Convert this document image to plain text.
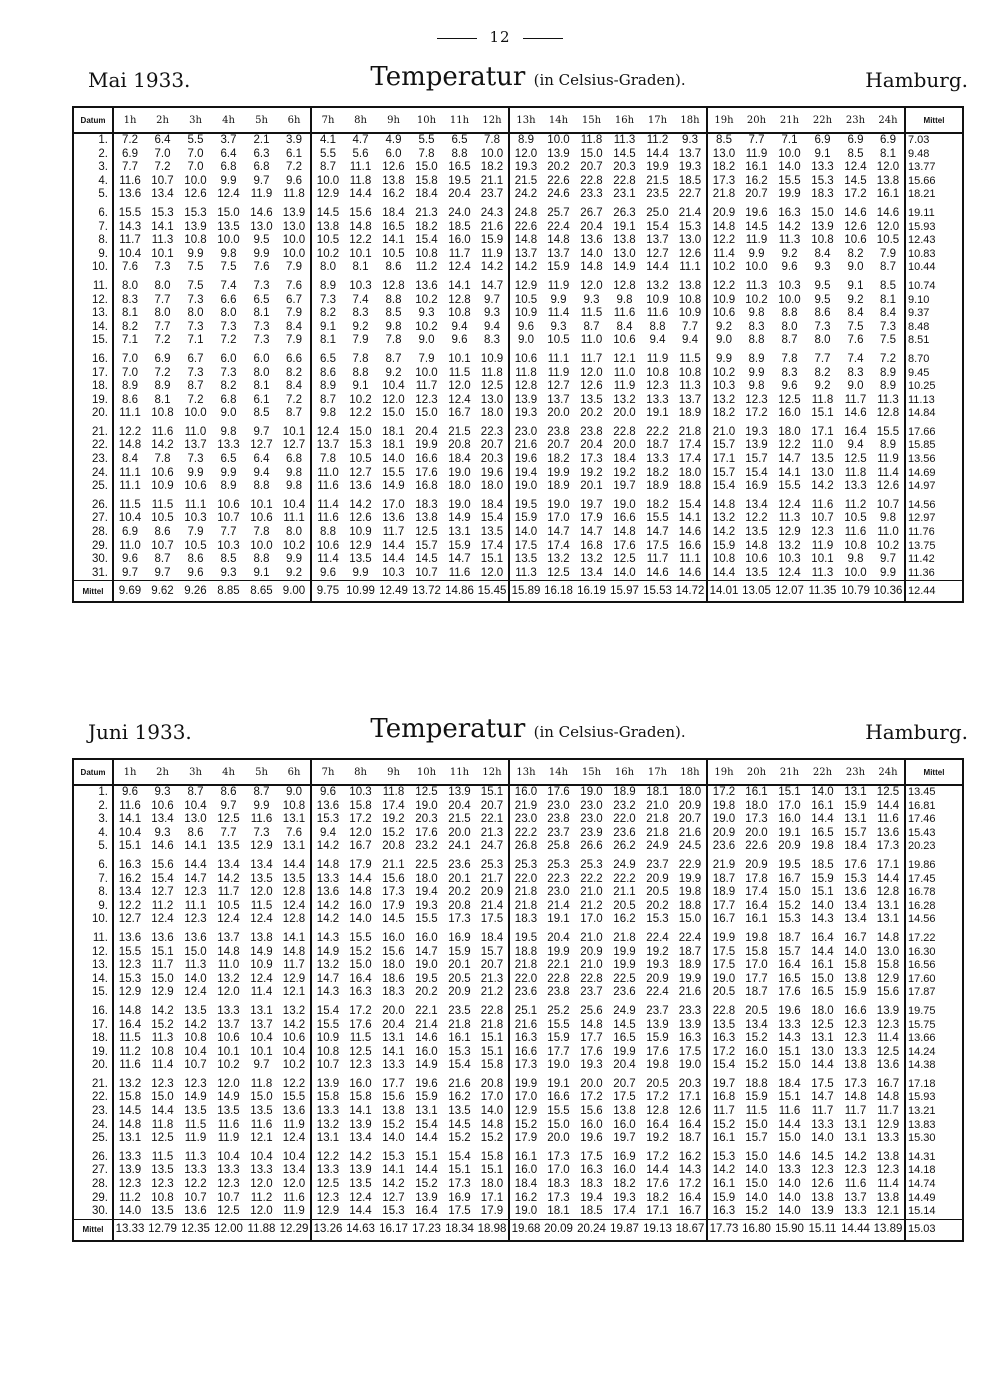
12
Mai 1933.	Temperatur (in Celsius-Graden).	Hamburg.
Datum	1h	2h	3h	4h	5h	6h	7h	8h	9h	10h	11h	12h	13h	14h	15h	16h	17h	18h	19h	20h	21h	22h	23h	24h	Mittel
1.	7.2	6.4	5.5	3.7	2.1	3.9	4.1	4.7	4.9	5.5	6.5	7.8	8.9	10.0	11.8	11.3	11.2	9.3	8.5	7.7	7.1	6.9	6.9	6.9	7.03
2.	6.9	7.0	7.0	6.4	6.3	6.1	5.5	5.6	6.0	7.8	8.8	10.0	12.0	13.9	15.0	14.5	14.4	13.7	13.0	11.9	10.0	9.1	8.5	8.1	9.48
3.	7.7	7.2	7.0	6.8	6.8	7.2	8.7	11.1	12.6	15.0	16.5	18.2	19.3	20.2	20.7	20.3	19.9	19.3	18.2	16.1	14.0	13.3	12.4	12.0	13.77
4.	11.6	10.7	10.0	9.9	9.7	9.6	10.0	11.8	13.8	15.8	19.5	21.1	21.5	22.6	22.8	22.8	21.5	18.5	17.3	16.2	15.5	15.3	14.5	13.8	15.66
5.	13.6	13.4	12.6	12.4	11.9	11.8	12.9	14.4	16.2	18.4	20.4	23.7	24.2	24.6	23.3	23.1	23.5	22.7	21.8	20.7	19.9	18.3	17.2	16.1	18.21
6.	15.5	15.3	15.3	15.0	14.6	13.9	14.5	15.6	18.4	21.3	24.0	24.3	24.8	25.7	26.7	26.3	25.0	21.4	20.9	19.6	16.3	15.0	14.6	14.6	19.11
7.	14.3	14.1	13.9	13.5	13.0	13.0	13.8	14.8	16.5	18.2	18.5	21.6	22.6	22.4	20.4	19.1	15.4	15.3	14.8	14.5	14.2	13.9	12.6	12.0	15.93
8.	11.7	11.3	10.8	10.0	9.5	10.0	10.5	12.2	14.1	15.4	16.0	15.9	14.8	14.8	13.6	13.8	13.7	13.0	12.2	11.9	11.3	10.8	10.6	10.5	12.43
9.	10.4	10.1	9.9	9.8	9.9	10.0	10.2	10.1	10.5	10.8	11.7	11.9	13.7	13.7	14.0	13.0	12.7	12.6	11.4	9.9	9.2	8.4	8.2	7.9	10.83
10.	7.6	7.3	7.5	7.5	7.6	7.9	8.0	8.1	8.6	11.2	12.4	14.2	14.2	15.9	14.8	14.9	14.4	11.1	10.2	10.0	9.6	9.3	9.0	8.7	10.44
11.	8.0	8.0	7.5	7.4	7.3	7.6	8.9	10.3	12.8	13.6	14.1	14.7	12.9	11.9	12.0	12.8	13.2	13.8	12.2	11.3	10.3	9.5	9.1	8.5	10.74
12.	8.3	7.7	7.3	6.6	6.5	6.7	7.3	7.4	8.8	10.2	12.8	9.7	10.5	9.9	9.3	9.8	10.9	10.8	10.9	10.2	10.0	9.5	9.2	8.1	9.10
13.	8.1	8.0	8.0	8.0	8.1	7.9	8.2	8.3	8.5	9.3	10.8	9.3	10.9	11.4	11.5	11.6	11.6	10.9	10.6	9.8	8.8	8.6	8.4	8.4	9.37
14.	8.2	7.7	7.3	7.3	7.3	8.4	9.1	9.2	9.8	10.2	9.4	9.4	9.6	9.3	8.7	8.4	8.8	7.7	9.2	8.3	8.0	7.3	7.5	7.3	8.48
15.	7.1	7.2	7.1	7.2	7.3	7.9	8.1	7.9	7.8	9.0	9.6	8.3	9.0	10.5	11.0	10.6	9.4	9.4	9.0	8.8	8.7	8.0	7.6	7.5	8.51
16.	7.0	6.9	6.7	6.0	6.0	6.6	6.5	7.8	8.7	7.9	10.1	10.9	10.6	11.1	11.7	12.1	11.9	11.5	9.9	8.9	7.8	7.7	7.4	7.2	8.70
17.	7.0	7.2	7.3	7.3	8.0	8.2	8.6	8.8	9.2	10.0	11.5	11.8	11.8	11.9	12.0	11.0	10.8	10.8	10.2	9.9	8.3	8.2	8.3	8.9	9.45
18.	8.9	8.9	8.7	8.2	8.1	8.4	8.9	9.1	10.4	11.7	12.0	12.5	12.8	12.7	12.6	11.9	12.3	11.3	10.3	9.8	9.6	9.2	9.0	8.9	10.25
19.	8.6	8.1	7.2	6.8	6.1	7.2	8.7	10.2	12.0	12.3	12.4	13.0	13.9	13.7	13.5	13.2	13.3	13.7	13.2	12.3	12.5	11.8	11.7	11.3	11.13
20.	11.1	10.8	10.0	9.0	8.5	8.7	9.8	12.2	15.0	15.0	16.7	18.0	19.3	20.0	20.2	20.0	19.1	18.9	18.2	17.2	16.0	15.1	14.6	12.8	14.84
21.	12.2	11.6	11.0	9.8	9.7	10.1	12.4	15.0	18.1	20.4	21.5	22.3	23.0	23.8	23.8	22.8	22.2	21.8	21.0	19.3	18.0	17.1	16.4	15.5	17.66
22.	14.8	14.2	13.7	13.3	12.7	12.7	13.7	15.3	18.1	19.9	20.8	20.7	21.6	20.7	20.4	20.0	18.7	17.4	15.7	13.9	12.2	11.0	9.4	8.9	15.85
23.	8.4	7.8	7.3	6.5	6.4	6.8	7.8	10.5	14.0	16.6	18.4	20.3	19.6	18.2	17.3	18.4	13.3	17.4	17.1	15.7	14.7	13.5	12.5	11.9	13.56
24.	11.1	10.6	9.9	9.9	9.4	9.8	11.0	12.7	15.5	17.6	19.0	19.6	19.4	19.9	19.2	19.2	18.2	18.0	15.7	15.4	14.1	13.0	11.8	11.4	14.69
25.	11.1	10.9	10.6	8.9	8.8	9.8	11.6	13.6	14.9	16.8	18.0	18.0	19.0	18.9	20.1	19.7	18.9	18.8	15.4	16.9	15.5	14.2	13.3	12.6	14.97
26.	11.5	11.5	11.1	10.6	10.1	10.4	11.4	14.2	17.0	18.3	19.0	18.4	19.5	19.0	19.7	19.0	18.2	15.4	14.8	13.4	12.4	11.6	11.2	10.7	14.56
27.	10.4	10.5	10.3	10.7	10.6	11.1	11.6	12.6	13.6	13.8	14.9	15.4	15.9	17.0	17.9	16.6	15.5	14.1	13.2	12.2	11.3	10.7	10.5	9.8	12.97
28.	6.9	8.6	7.9	7.7	7.8	8.0	8.8	10.9	11.7	12.5	13.1	13.5	14.0	14.7	14.7	14.8	14.7	14.6	14.2	13.5	12.9	12.3	11.6	11.0	11.76
29.	11.0	10.7	10.5	10.3	10.0	10.2	10.6	12.9	14.4	15.7	15.9	17.4	17.5	17.4	16.8	17.6	17.5	16.6	15.9	14.8	13.2	11.9	10.8	10.2	13.75
30.	9.6	8.7	8.6	8.5	8.8	9.9	11.4	13.5	14.4	14.5	14.7	15.1	13.5	13.2	13.2	12.5	11.7	11.1	10.8	10.6	10.3	10.1	9.8	9.7	11.42
31.	9.7	9.7	9.6	9.3	9.1	9.2	9.6	9.9	10.3	10.7	11.6	12.0	11.3	12.5	13.4	14.0	14.6	14.6	14.4	13.5	12.4	11.3	10.0	9.9	11.36
Mittel	9.69	9.62	9.26	8.85	8.65	9.00	9.75	10.99	12.49	13.72	14.86	15.45	15.89	16.18	16.19	15.97	15.53	14.72	14.01	13.05	12.07	11.35	10.79	10.36	12.44
Juni 1933.	Temperatur (in Celsius-Graden).	Hamburg.
Datum	1h	2h	3h	4h	5h	6h	7h	8h	9h	10h	11h	12h	13h	14h	15h	16h	17h	18h	19h	20h	21h	22h	23h	24h	Mittel
1.	9.6	9.3	8.7	8.6	8.7	9.0	9.6	10.3	11.8	12.5	13.9	15.1	16.0	17.6	19.0	18.9	18.1	18.0	17.2	16.1	15.1	14.0	13.1	12.5	13.45
2.	11.6	10.6	10.4	9.7	9.9	10.8	13.6	15.8	17.4	19.0	20.4	20.7	21.9	23.0	23.0	23.2	21.0	20.9	19.8	18.0	17.0	16.1	15.9	14.4	16.81
3.	14.1	13.4	13.0	12.5	11.6	13.1	15.3	17.2	19.2	20.3	21.5	22.1	23.0	23.8	23.0	22.0	21.8	20.7	19.0	17.3	16.0	14.4	13.1	11.6	17.46
4.	10.4	9.3	8.6	7.7	7.3	7.6	9.4	12.0	15.2	17.6	20.0	21.3	22.2	23.7	23.9	23.6	21.8	21.6	20.9	20.0	19.1	16.5	15.7	13.6	15.43
5.	15.1	14.6	14.1	13.5	12.9	13.1	14.2	16.7	20.8	23.2	24.1	24.7	26.8	25.8	26.6	26.2	24.9	24.5	23.6	22.6	20.9	19.8	18.4	17.3	20.23
6.	16.3	15.6	14.4	13.4	13.4	14.4	14.8	17.9	21.1	22.5	23.6	25.3	25.3	25.3	25.3	24.9	23.7	22.9	21.9	20.9	19.5	18.5	17.6	17.1	19.86
7.	16.2	15.4	14.7	14.2	13.5	13.5	13.3	14.4	15.6	18.0	20.1	21.7	22.0	22.3	22.2	22.2	20.9	19.9	18.7	17.8	16.7	15.9	15.3	14.4	17.45
8.	13.4	12.7	12.3	11.7	12.0	12.8	13.6	14.8	17.3	19.4	20.2	20.9	21.8	23.0	21.0	21.1	20.5	19.8	18.9	17.4	15.0	15.1	13.6	12.8	16.78
9.	12.2	11.2	11.1	10.5	11.5	12.4	14.2	16.0	17.9	19.3	20.8	21.4	21.8	21.4	21.2	20.5	20.2	18.8	17.7	16.4	15.2	14.0	13.4	13.1	16.28
10.	12.7	12.4	12.3	12.4	12.4	12.8	14.2	14.0	14.5	15.5	17.3	17.5	18.3	19.1	17.0	16.2	15.3	15.0	16.7	16.1	15.3	14.3	13.4	13.1	14.56
11.	13.6	13.6	13.6	13.7	13.8	14.1	14.3	15.5	16.0	16.0	16.9	18.4	19.5	20.4	21.0	21.8	22.4	22.4	19.9	19.8	18.7	16.4	16.7	14.8	17.22
12.	15.5	15.1	15.0	14.8	14.9	14.8	14.9	15.2	15.6	14.7	15.9	15.7	18.8	19.9	20.9	19.9	19.2	18.7	17.5	15.8	15.7	14.4	14.0	13.0	16.30
13.	12.3	11.7	11.3	11.0	10.9	11.7	13.2	15.0	18.0	19.0	20.1	20.7	21.8	22.1	21.0	19.9	19.3	18.9	17.5	17.0	16.4	16.1	15.8	15.8	16.56
14.	15.3	15.0	14.0	13.2	12.4	12.9	14.7	16.4	18.6	19.5	20.5	21.3	22.0	22.8	22.8	22.5	20.9	19.9	19.0	17.7	16.5	15.0	13.8	12.9	17.60
15.	12.9	12.9	12.4	12.0	11.4	12.1	14.3	16.3	18.3	20.2	20.9	21.2	23.6	23.8	23.7	23.6	22.4	21.6	20.5	18.7	17.6	16.5	15.9	15.6	17.87
16.	14.8	14.2	13.5	13.3	13.1	13.2	15.4	17.2	20.0	22.1	23.5	22.8	25.1	25.2	25.6	24.9	23.7	23.3	22.8	20.5	19.6	18.0	16.6	13.9	19.75
17.	16.4	15.2	14.2	13.7	13.7	14.2	15.5	17.6	20.4	21.4	21.8	21.8	21.6	15.5	14.8	14.5	13.9	13.9	13.5	13.4	13.3	12.5	12.3	12.3	15.75
18.	11.5	11.3	10.8	10.6	10.4	10.6	10.9	11.5	13.1	14.6	16.1	15.1	16.3	15.9	17.7	16.5	15.9	16.3	16.3	15.2	14.3	13.1	12.3	11.4	13.66
19.	11.2	10.8	10.4	10.1	10.1	10.4	10.8	12.5	14.1	16.0	15.3	15.1	16.6	17.7	17.6	19.9	17.6	17.5	17.2	16.0	15.1	13.0	13.3	12.5	14.24
20.	11.6	11.4	10.7	10.2	9.7	10.2	10.7	12.3	13.3	14.9	15.4	15.8	17.3	19.0	19.3	20.4	19.8	19.0	15.4	15.2	15.0	14.4	13.8	13.6	14.38
21.	13.2	12.3	12.3	12.0	11.8	12.2	13.9	16.0	17.7	19.6	21.6	20.8	19.9	19.1	20.0	20.7	20.5	20.3	19.7	18.8	18.4	17.5	17.3	16.7	17.18
22.	15.8	15.0	14.9	14.9	15.0	15.5	15.8	15.8	15.6	15.9	16.2	17.0	17.0	16.6	17.2	17.5	17.2	17.1	16.8	15.9	15.1	14.7	14.8	14.8	15.93
23.	14.5	14.4	13.5	13.5	13.5	13.6	13.3	14.1	13.8	13.1	13.5	14.0	12.9	15.5	15.6	13.8	12.8	12.6	11.7	11.5	11.6	11.7	11.7	11.7	13.21
24.	14.8	11.8	11.5	11.6	11.6	11.9	13.2	13.9	15.2	15.4	14.5	14.8	15.2	15.0	16.0	16.0	16.4	16.4	15.2	15.0	14.4	13.3	13.1	12.9	13.83
25.	13.1	12.5	11.9	11.9	12.1	12.4	13.1	13.4	14.0	14.4	15.2	15.2	17.9	20.0	19.6	19.7	19.2	18.7	16.1	15.7	15.0	14.0	13.1	13.3	15.30
26.	13.3	11.5	11.3	10.4	10.4	10.4	12.2	14.2	15.3	15.1	15.4	15.8	16.1	17.3	17.5	16.9	17.2	16.2	15.3	15.0	14.6	14.5	14.2	13.8	14.31
27.	13.9	13.5	13.3	13.3	13.3	13.4	13.3	13.9	14.1	14.4	15.1	15.1	16.0	17.0	16.3	16.0	14.4	14.3	14.2	14.0	13.3	12.3	12.3	12.3	14.18
28.	12.3	12.3	12.2	12.3	12.0	12.0	12.5	13.5	14.2	15.2	17.3	18.0	18.4	18.3	18.3	18.2	17.6	17.2	16.1	15.0	14.0	12.6	11.6	11.4	14.74
29.	11.2	10.8	10.7	10.7	11.2	11.6	12.3	12.4	12.7	13.9	16.9	17.1	16.2	17.3	19.4	19.3	18.2	16.4	15.9	14.0	14.0	13.8	13.7	13.8	14.49
30.	14.0	13.5	13.6	12.5	12.0	11.9	12.9	14.4	15.3	16.4	17.5	17.9	19.0	18.1	18.5	17.4	17.1	16.7	16.3	15.2	14.0	13.9	13.3	12.1	15.14
Mittel	13.33	12.79	12.35	12.00	11.88	12.29	13.26	14.63	16.17	17.23	18.34	18.98	19.68	20.09	20.24	19.87	19.13	18.67	17.73	16.80	15.90	15.11	14.44	13.89	15.03
